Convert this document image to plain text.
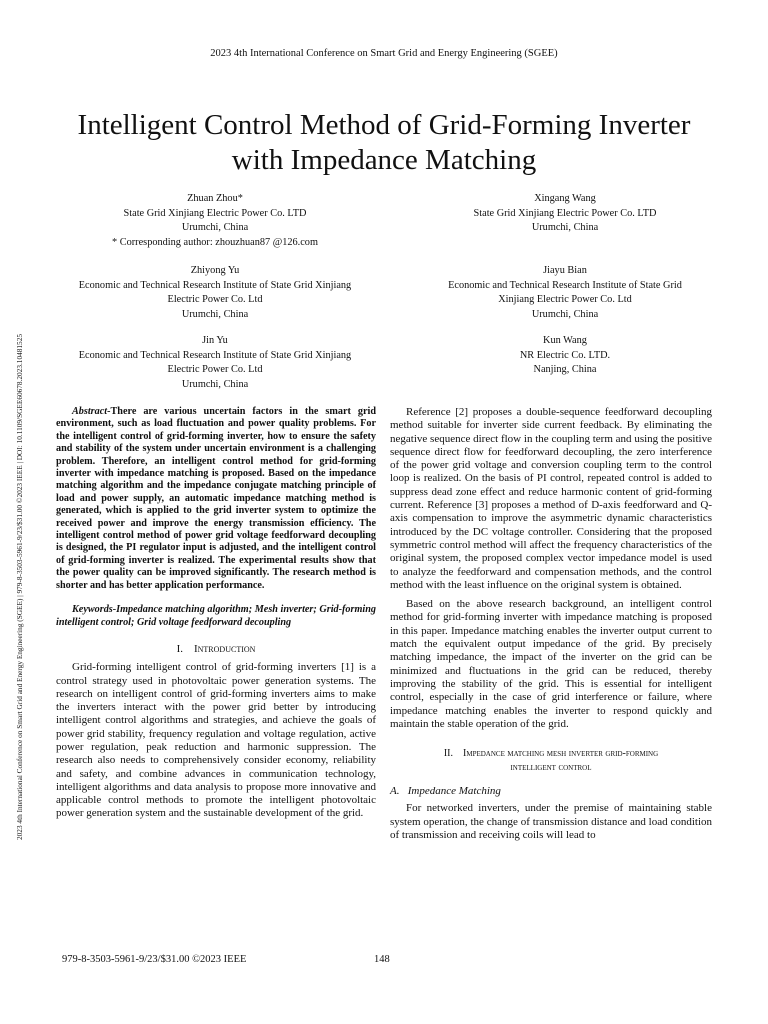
2023 4th International Conference on Smart Grid and Energy Engineering (SGEE)
2023 4th International Conference on Smart Grid and Energy Engineering (SGEE) | 979-8-3503-5961-9/23/$31.00 ©2023 IEEE | DOI: 10.1109/SGEE60678.2023.10481525
Intelligent Control Method of Grid-Forming Inverter
with Impedance Matching
Zhuan Zhou*
State Grid Xinjiang Electric Power Co. LTD
Urumchi, China
* Corresponding author: zhouzhuan87 @126.com
Xingang Wang
State Grid Xinjiang Electric Power Co. LTD
Urumchi, China
Zhiyong Yu
Economic and Technical Research Institute of State Grid Xinjiang
Electric Power Co. Ltd
Urumchi, China
Jiayu Bian
Economic and Technical Research Institute of State Grid
Xinjiang Electric Power Co. Ltd
Urumchi, China
Jin Yu
Economic and Technical Research Institute of State Grid Xinjiang
Electric Power Co. Ltd
Urumchi, China
Kun Wang
NR Electric Co. LTD.
Nanjing, China

Abstract-There are various uncertain factors in the smart grid environment, such as load fluctuation and power quality problems. For the intelligent control of grid-forming inverter, how to ensure the safety and stability of the system under uncertain environment is a challenging problem. Therefore, an intelligent control method for grid-forming inverter with impedance matching is proposed. Based on the impedance matching algorithm and the impedance conjugate matching principle of load and power supply, an automatic impedance matching method is generated, which is applied to the grid inverter system to optimize the received power and improve the energy transmission efficiency. The intelligent control method of power grid voltage feedforward decoupling is designed, the PI regulator input is adjusted, and the intelligent control of grid-forming inverter is realized. The experimental results show that the power quality can be improved significantly. The research method is shorter and has better application performance.

Keywords-Impedance matching algorithm; Mesh inverter; Grid-forming intelligent control; Grid voltage feedforward decoupling

I. Introduction

Grid-forming intelligent control of grid-forming inverters [1] is a control strategy used in photovoltaic power generation systems. The research on intelligent control of grid-forming inverters aims to make the inverters interact with the power grid better by introducing intelligent control algorithms and strategies, and achieve the goals of power grid stability, frequency regulation and voltage regulation, active power regulation, peak reduction and harmonic suppression. The research also needs to comprehensively consider economy, reliability and safety, and combine advances in communication technology, intelligent algorithms and data analysis to propose more innovative and applicable control methods to promote the intelligent photovoltaic power generation system and the sustainable development of the grid.

Reference [2] proposes a double-sequence feedforward decoupling method suitable for inverter side current feedback. By eliminating the negative sequence direct flow in the coupling term and using the positive sequence direct flow for feedforward decoupling, the zero interference of the power grid voltage and conversion coupling term to the control loop is realized. On the basis of PI control, repeated control is added to suppress dead zone effect and reduce harmonic content of grid-forming current. Reference [3] proposes a method of D-axis feedforward and Q-axis compensation to improve the asymmetric dynamic characteristics introduced by the DC voltage controller. Considering that the proposed symmetric control method will affect the frequency characteristics of the original system, the proposed complex vector impedance model is used to analyze the feedforward and compensation methods, and the control method with the least influence on the original system is obtained.

Based on the above research background, an intelligent control method for grid-forming inverter with impedance matching is proposed in this paper. Impedance matching enables the inverter output current to match the equivalent output impedance of the grid. By precisely matching impedance, the impact of the inverter on the grid can be minimized and fluctuations in the grid can be reduced, thereby improving the stability of the grid. This is essential for intelligent control, especially in the case of grid interference or failure, where impedance matching enables the inverter to respond quickly and maintain the stable operation of the grid.

II. Impedance matching mesh inverter grid-forming
intelligent control
A. Impedance Matching

For networked inverters, under the premise of maintaining stable system operation, the change of transmission distance and load condition of transmission and receiving coils will lead to

979-8-3503-5961-9/23/$31.00 ©2023 IEEE	148
